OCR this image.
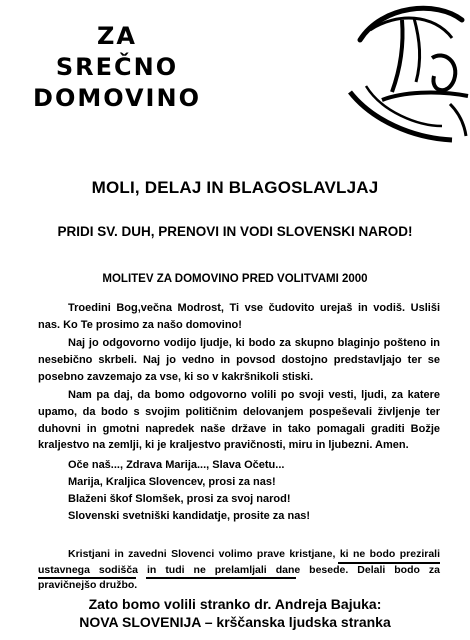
ZA
SREČNO
DOMOVINO
MOLI, DELAJ IN BLAGOSLAVLJAJ
PRIDI SV. DUH, PRENOVI IN VODI SLOVENSKI NAROD!
MOLITEV ZA DOMOVINO PRED VOLITVAMI 2000
Troedini Bog,večna Modrost, Ti vse čudovito urejaš in vodiš. Usliši nas. Ko Te prosimo za našo domovino!
Naj jo odgovorno vodijo ljudje, ki bodo za skupno blaginjo pošteno in nesebično skrbeli. Naj jo vedno in povsod dostojno predstavljajo ter se posebno zavzemajo za vse, ki so v kakršnikoli stiski.
Nam pa daj, da bomo odgovorno volili po svoji vesti, ljudi, za katere upamo, da bodo s svojim političnim delovanjem pospeševali življenje ter duhovni in gmotni napredek naše države in tako pomagali graditi Božje kraljestvo na zemlji, ki je kraljestvo pravičnosti, miru in ljubezni. Amen.
Oče naš..., Zdrava Marija..., Slava Očetu...
Marija, Kraljica Slovencev, prosi za nas!
Blaženi škof Slomšek, prosi za svoj narod!
Slovenski svetniški kandidatje, prosite za nas!
Kristjani in zavedni Slovenci volimo prave kristjane, ki ne bodo prezirali ustavnega sodišča in tudi ne prelamljali dane besede. Delali bodo za pravičnejšo družbo.
Zato bomo volili stranko dr. Andreja Bajuka:
NOVA SLOVENIJA – krščanska ljudska stranka
